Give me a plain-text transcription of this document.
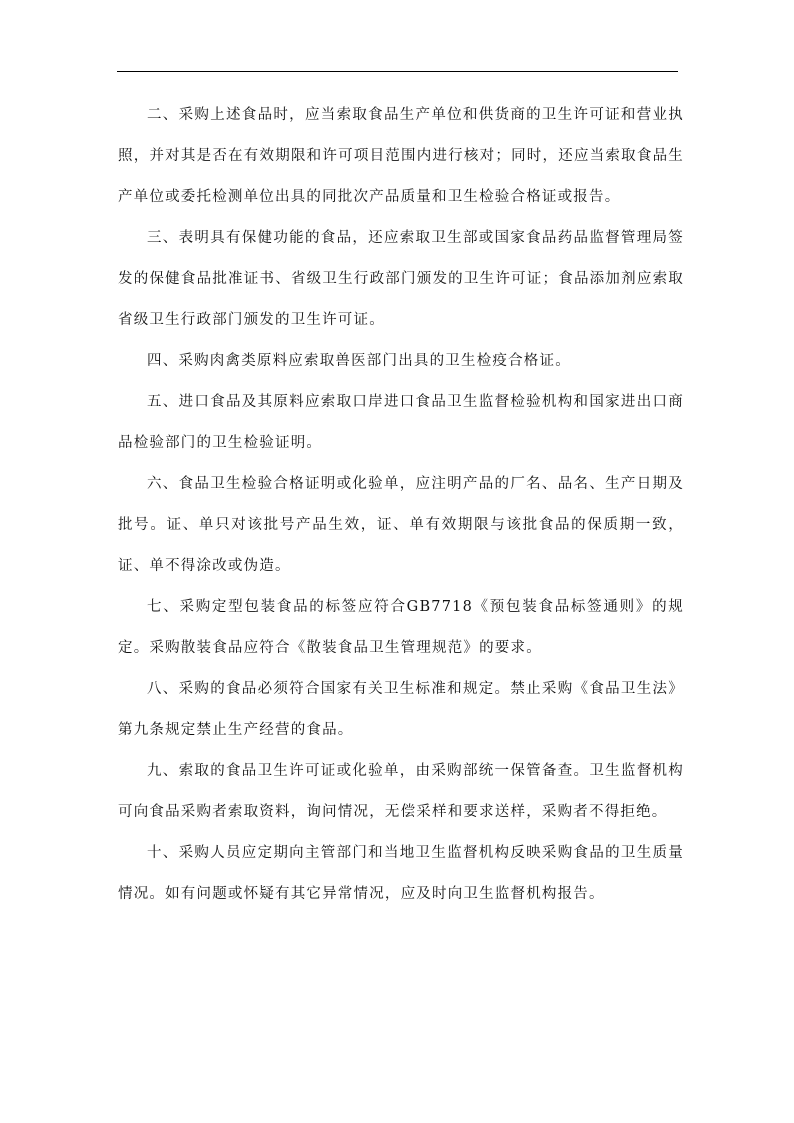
二、采购上述食品时，应当索取食品生产单位和供货商的卫生许可证和营业执照，并对其是否在有效期限和许可项目范围内进行核对；同时，还应当索取食品生产单位或委托检测单位出具的同批次产品质量和卫生检验合格证或报告。

三、表明具有保健功能的食品，还应索取卫生部或国家食品药品监督管理局签发的保健食品批准证书、省级卫生行政部门颁发的卫生许可证；食品添加剂应索取省级卫生行政部门颁发的卫生许可证。

四、采购肉禽类原料应索取兽医部门出具的卫生检疫合格证。

五、进口食品及其原料应索取口岸进口食品卫生监督检验机构和国家进出口商品检验部门的卫生检验证明。

六、食品卫生检验合格证明或化验单，应注明产品的厂名、品名、生产日期及批号。证、单只对该批号产品生效，证、单有效期限与该批食品的保质期一致，证、单不得涂改或伪造。

七、采购定型包装食品的标签应符合GB7718《预包装食品标签通则》的规定。采购散装食品应符合《散装食品卫生管理规范》的要求。

八、采购的食品必须符合国家有关卫生标准和规定。禁止采购《食品卫生法》第九条规定禁止生产经营的食品。

九、索取的食品卫生许可证或化验单，由采购部统一保管备查。卫生监督机构可向食品采购者索取资料，询问情况，无偿采样和要求送样，采购者不得拒绝。

十、采购人员应定期向主管部门和当地卫生监督机构反映采购食品的卫生质量情况。如有问题或怀疑有其它异常情况，应及时向卫生监督机构报告。
